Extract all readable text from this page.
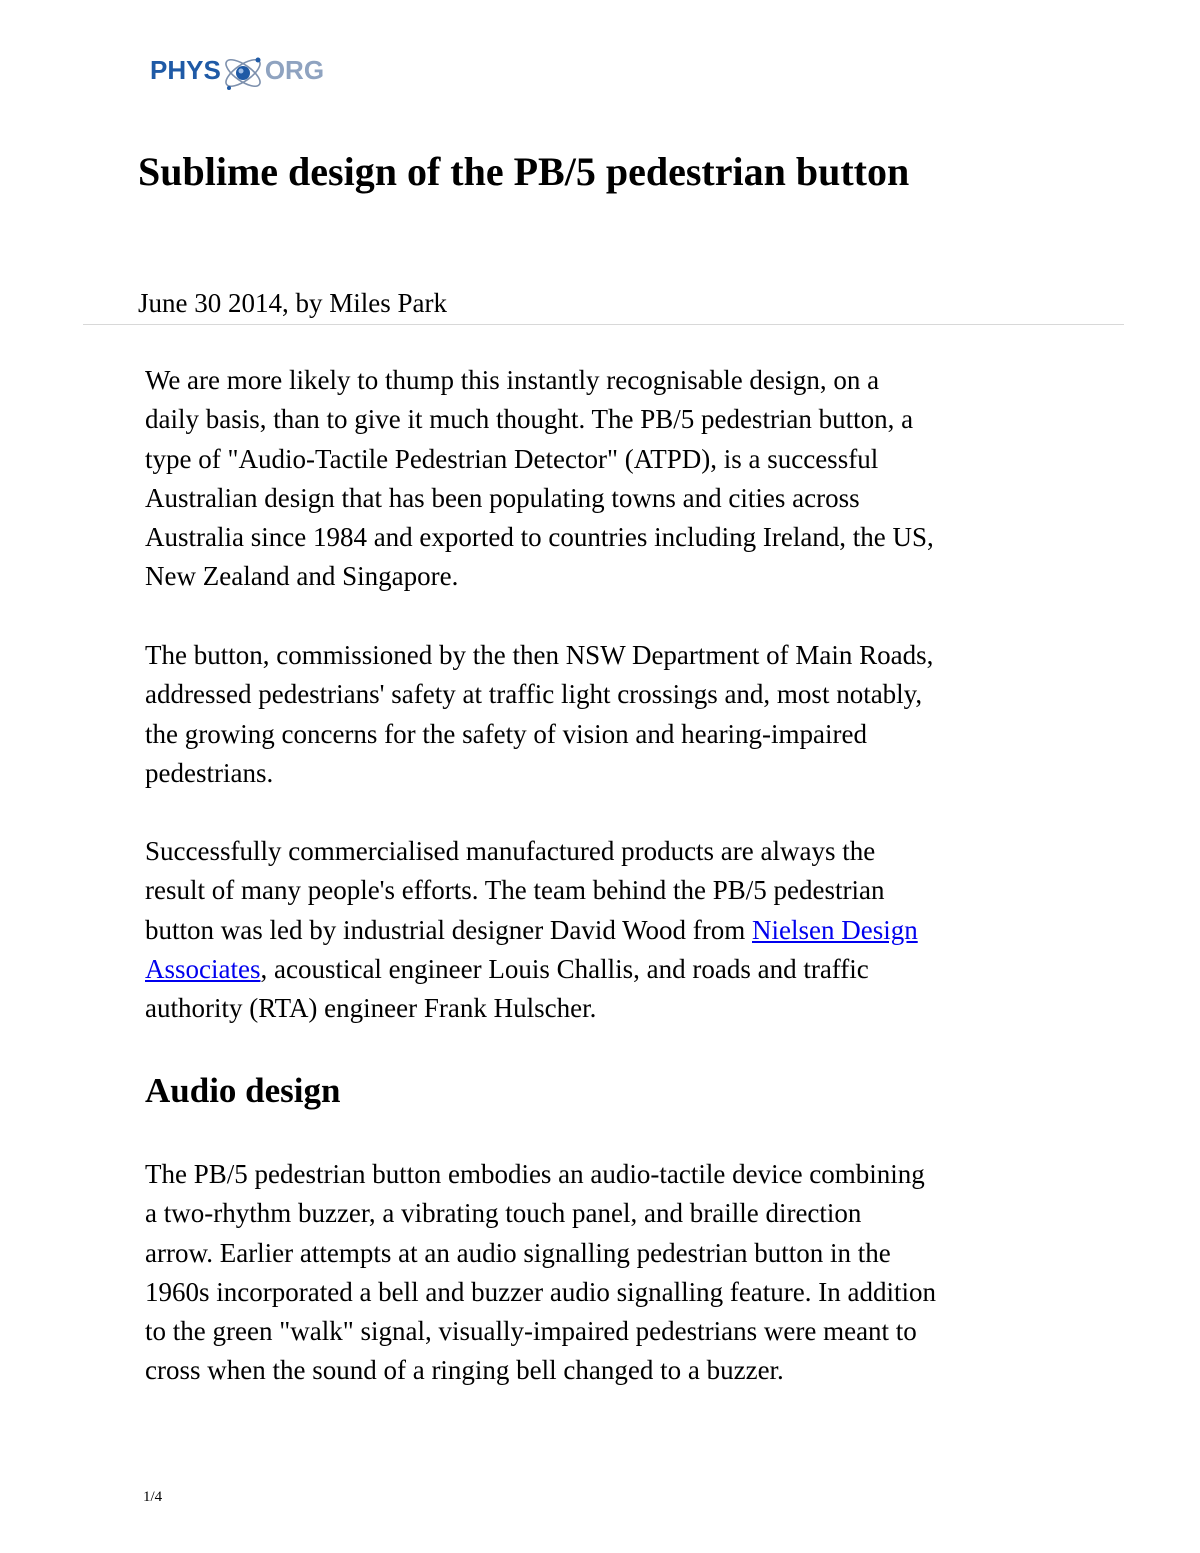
PHYS ORG
Sublime design of the PB/5 pedestrian button
June 30 2014, by Miles Park

We are more likely to thump this instantly recognisable design, on a
daily basis, than to give it much thought. The PB/5 pedestrian button, a
type of "Audio-Tactile Pedestrian Detector" (ATPD), is a successful
Australian design that has been populating towns and cities across
Australia since 1984 and exported to countries including Ireland, the US,
New Zealand and Singapore.

The button, commissioned by the then NSW Department of Main Roads,
addressed pedestrians' safety at traffic light crossings and, most notably,
the growing concerns for the safety of vision and hearing-impaired
pedestrians.

Successfully commercialised manufactured products are always the
result of many people's efforts. The team behind the PB/5 pedestrian
button was led by industrial designer David Wood from Nielsen Design
Associates, acoustical engineer Louis Challis, and roads and traffic
authority (RTA) engineer Frank Hulscher.

Audio design

The PB/5 pedestrian button embodies an audio-tactile device combining
a two-rhythm buzzer, a vibrating touch panel, and braille direction
arrow. Earlier attempts at an audio signalling pedestrian button in the
1960s incorporated a bell and buzzer audio signalling feature. In addition
to the green "walk" signal, visually-impaired pedestrians were meant to
cross when the sound of a ringing bell changed to a buzzer.

1/4
